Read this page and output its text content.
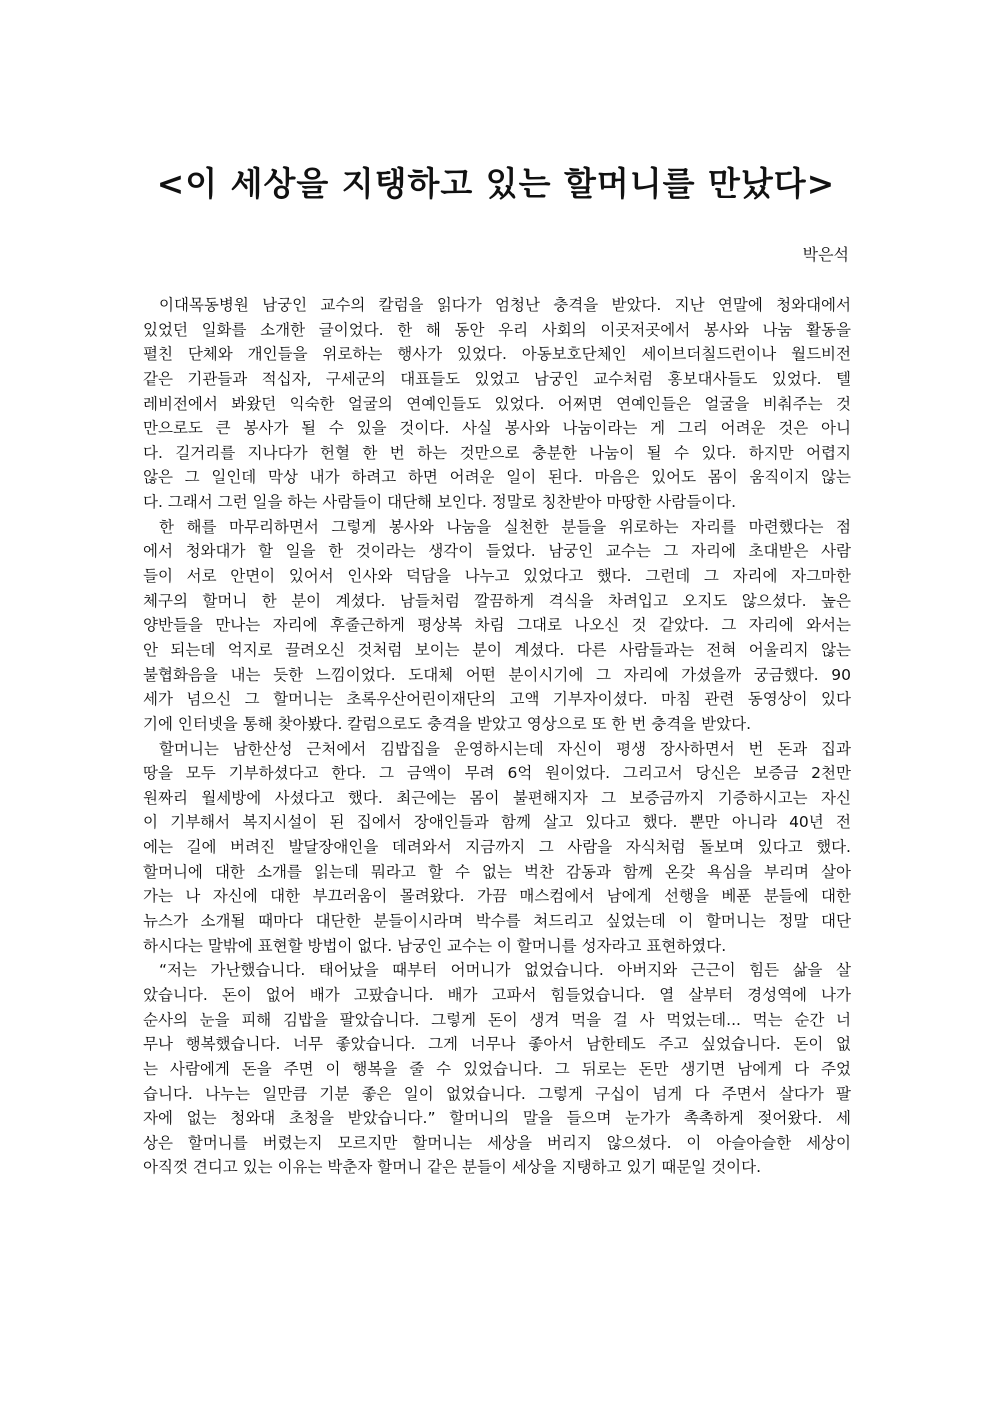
<이 세상을 지탱하고 있는 할머니를 만났다>
박은석
이대목동병원 남궁인 교수의 칼럼을 읽다가 엄청난 충격을 받았다. 지난 연말에 청와대에서
있었던 일화를 소개한 글이었다. 한 해 동안 우리 사회의 이곳저곳에서 봉사와 나눔 활동을
펼친 단체와 개인들을 위로하는 행사가 있었다. 아동보호단체인 세이브더칠드런이나 월드비전
같은 기관들과 적십자, 구세군의 대표들도 있었고 남궁인 교수처럼 홍보대사들도 있었다. 텔
레비전에서 봐왔던 익숙한 얼굴의 연예인들도 있었다. 어쩌면 연예인들은 얼굴을 비춰주는 것
만으로도 큰 봉사가 될 수 있을 것이다. 사실 봉사와 나눔이라는 게 그리 어려운 것은 아니
다. 길거리를 지나다가 헌혈 한 번 하는 것만으로 충분한 나눔이 될 수 있다. 하지만 어렵지
않은 그 일인데 막상 내가 하려고 하면 어려운 일이 된다. 마음은 있어도 몸이 움직이지 않는
다. 그래서 그런 일을 하는 사람들이 대단해 보인다. 정말로 칭찬받아 마땅한 사람들이다.
한 해를 마무리하면서 그렇게 봉사와 나눔을 실천한 분들을 위로하는 자리를 마련했다는 점
에서 청와대가 할 일을 한 것이라는 생각이 들었다. 남궁인 교수는 그 자리에 초대받은 사람
들이 서로 안면이 있어서 인사와 덕담을 나누고 있었다고 했다. 그런데 그 자리에 자그마한
체구의 할머니 한 분이 계셨다. 남들처럼 깔끔하게 격식을 차려입고 오지도 않으셨다. 높은
양반들을 만나는 자리에 후줄근하게 평상복 차림 그대로 나오신 것 같았다. 그 자리에 와서는
안 되는데 억지로 끌려오신 것처럼 보이는 분이 계셨다. 다른 사람들과는 전혀 어울리지 않는
불협화음을 내는 듯한 느낌이었다. 도대체 어떤 분이시기에 그 자리에 가셨을까 궁금했다. 90
세가 넘으신 그 할머니는 초록우산어린이재단의 고액 기부자이셨다. 마침 관련 동영상이 있다
기에 인터넷을 통해 찾아봤다. 칼럼으로도 충격을 받았고 영상으로 또 한 번 충격을 받았다.
할머니는 남한산성 근처에서 김밥집을 운영하시는데 자신이 평생 장사하면서 번 돈과 집과
땅을 모두 기부하셨다고 한다. 그 금액이 무려 6억 원이었다. 그리고서 당신은 보증금 2천만
원짜리 월세방에 사셨다고 했다. 최근에는 몸이 불편해지자 그 보증금까지 기증하시고는 자신
이 기부해서 복지시설이 된 집에서 장애인들과 함께 살고 있다고 했다. 뿐만 아니라 40년 전
에는 길에 버려진 발달장애인을 데려와서 지금까지 그 사람을 자식처럼 돌보며 있다고 했다.
할머니에 대한 소개를 읽는데 뭐라고 할 수 없는 벅찬 감동과 함께 온갖 욕심을 부리며 살아
가는 나 자신에 대한 부끄러움이 몰려왔다. 가끔 매스컴에서 남에게 선행을 베푼 분들에 대한
뉴스가 소개될 때마다 대단한 분들이시라며 박수를 쳐드리고 싶었는데 이 할머니는 정말 대단
하시다는 말밖에 표현할 방법이 없다. 남궁인 교수는 이 할머니를 성자라고 표현하였다.
“저는 가난했습니다. 태어났을 때부터 어머니가 없었습니다. 아버지와 근근이 힘든 삶을 살
았습니다. 돈이 없어 배가 고팠습니다. 배가 고파서 힘들었습니다. 열 살부터 경성역에 나가
순사의 눈을 피해 김밥을 팔았습니다. 그렇게 돈이 생겨 먹을 걸 사 먹었는데... 먹는 순간 너
무나 행복했습니다. 너무 좋았습니다. 그게 너무나 좋아서 남한테도 주고 싶었습니다. 돈이 없
는 사람에게 돈을 주면 이 행복을 줄 수 있었습니다. 그 뒤로는 돈만 생기면 남에게 다 주었
습니다. 나누는 일만큼 기분 좋은 일이 없었습니다. 그렇게 구십이 넘게 다 주면서 살다가 팔
자에 없는 청와대 초청을 받았습니다.” 할머니의 말을 들으며 눈가가 촉촉하게 젖어왔다. 세
상은 할머니를 버렸는지 모르지만 할머니는 세상을 버리지 않으셨다. 이 아슬아슬한 세상이
아직껏 견디고 있는 이유는 박춘자 할머니 같은 분들이 세상을 지탱하고 있기 때문일 것이다.
